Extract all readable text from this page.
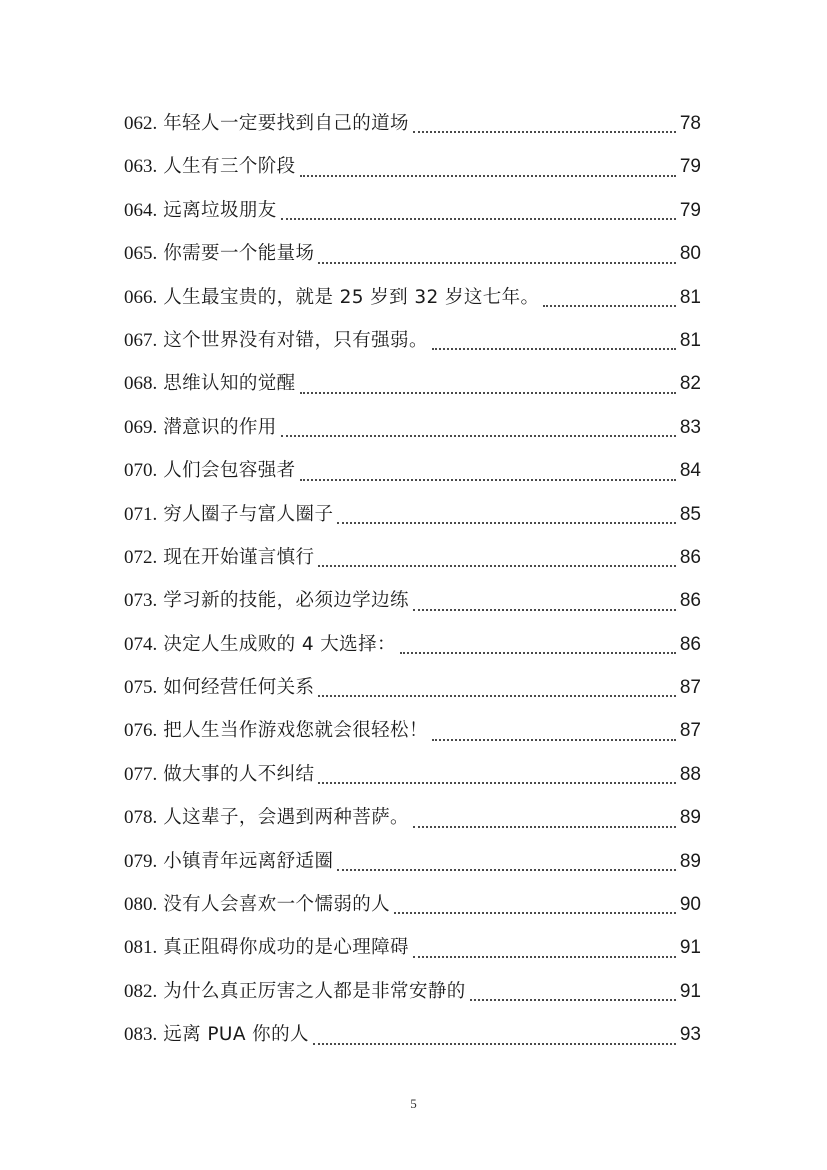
062. 年轻人一定要找到自己的道场	78
063. 人生有三个阶段	79
064. 远离垃圾朋友	79
065. 你需要一个能量场	80
066. 人生最宝贵的，就是 25 岁到 32 岁这七年。	81
067. 这个世界没有对错，只有强弱。	81
068. 思维认知的觉醒	82
069. 潜意识的作用	83
070. 人们会包容强者	84
071. 穷人圈子与富人圈子	85
072. 现在开始谨言慎行	86
073. 学习新的技能，必须边学边练	86
074. 决定人生成败的 4 大选择：	86
075. 如何经营任何关系	87
076. 把人生当作游戏您就会很轻松！	87
077. 做大事的人不纠结	88
078. 人这辈子，会遇到两种菩萨。	89
079. 小镇青年远离舒适圈	89
080. 没有人会喜欢一个懦弱的人	90
081. 真正阻碍你成功的是心理障碍	91
082. 为什么真正厉害之人都是非常安静的	91
083. 远离 PUA 你的人	93
5
